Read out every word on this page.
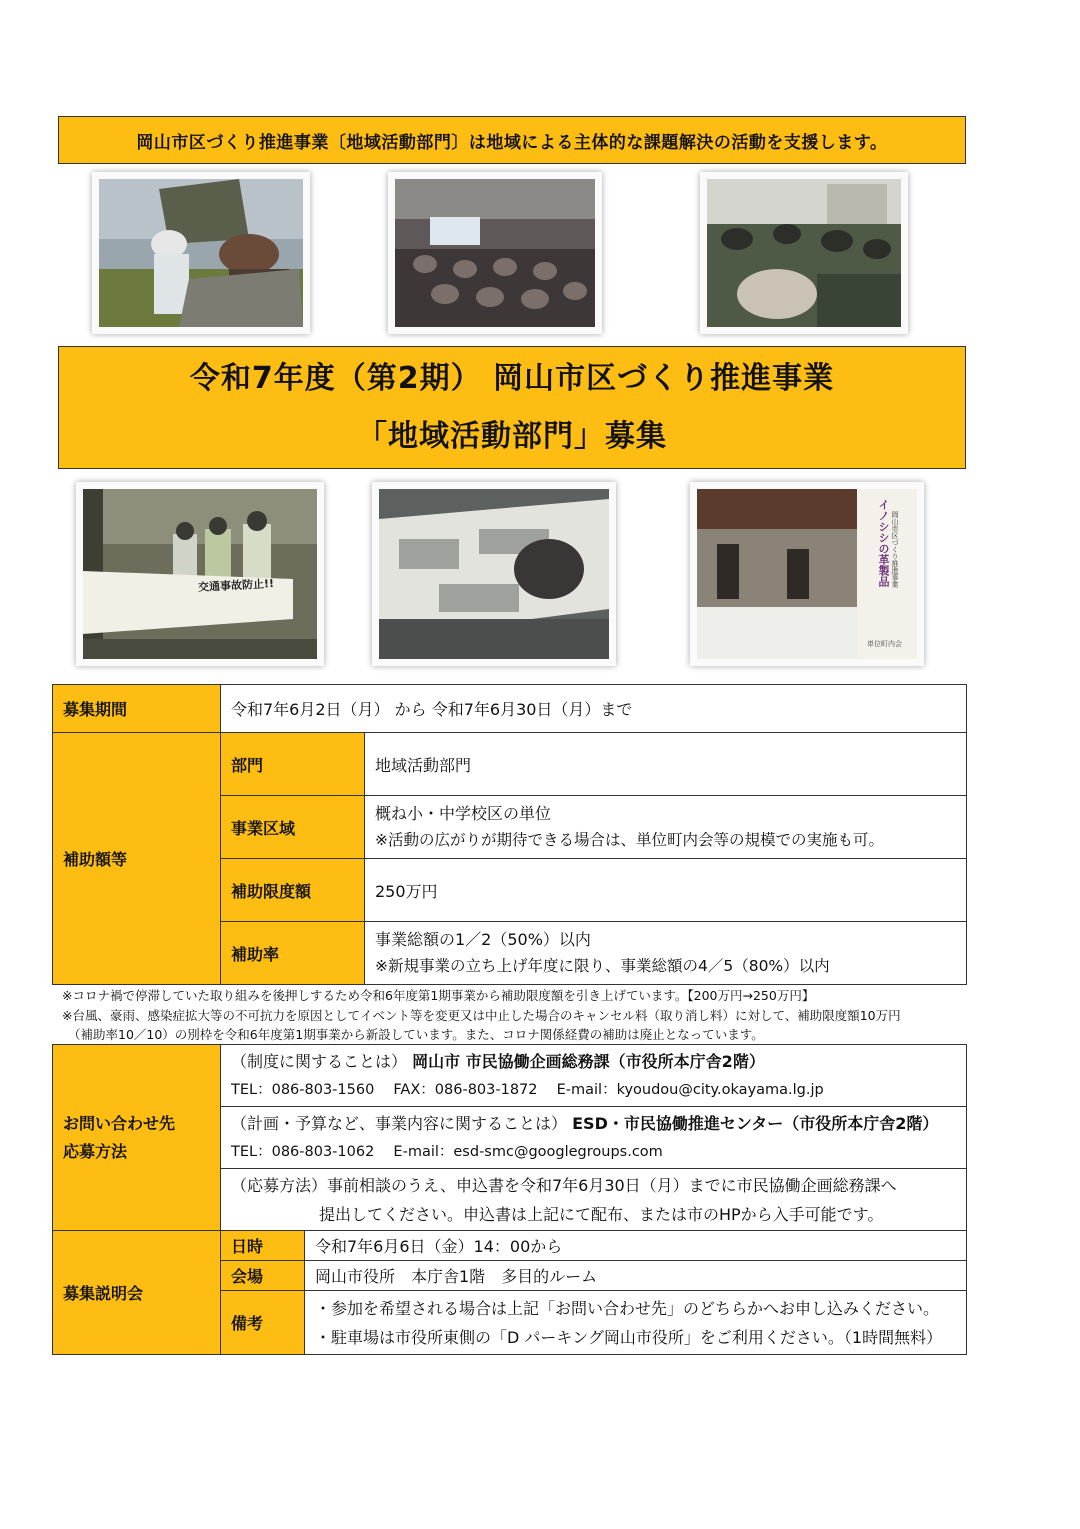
岡山市区づくり推進事業〔地域活動部門〕は地域による主体的な課題解決の活動を支援します。
令和7年度（第2期） 岡山市区づくり推進事業
「地域活動部門」募集
交通事故防止!!	イノシシの革製品 岡山市区づくり推進事業
単位町内会
募集期間	令和7年6月2日（月） から 令和7年6月30日（月）まで	
補助額等	部門	地域活動部門

	事業区域	概ね小・中学校区の単位
※活動の広がりが期待できる場合は、単位町内会等の規模での実施も可。

	補助限度額	250万円

	補助率	事業総額の1／2（50%）以内
※新規事業の立ち上げ年度に限り、事業総額の4／5（80%）以内
※コロナ禍で停滞していた取り組みを後押しするため令和6年度第1期事業から補助限度額を引き上げています。【200万円→250万円】
※台風、豪雨、感染症拡大等の不可抗力を原因としてイベント等を変更又は中止した場合のキャンセル料（取り消し料）に対して、補助限度額10万円
（補助率10／10）の別枠を令和6年度第1期事業から新設しています。また、コロナ関係経費の補助は廃止となっています。
お問い合わせ先
応募方法

（制度に関することは） 岡山市 市民協働企画総務課（市役所本庁舎2階）
TEL：086-803-1560　 FAX：086-803-1872　 E-mail：kyoudou@city.okayama.lg.jp

（計画・予算など、事業内容に関することは） ESD・市民協働推進センター（市役所本庁舎2階）
TEL：086-803-1062　 E-mail：esd-smc@googlegroups.com

（応募方法）事前相談のうえ、申込書を令和7年6月30日（月）までに市民協働企画総務課へ
提出してください。申込書は上記にて配布、または市のHPから入手可能です。
募集説明会	日時	令和7年6月6日（金）14：00から
	会場	岡山市役所　本庁舎1階　多目的ルーム
	備考	・参加を希望される場合は上記「お問い合わせ先」のどちらかへお申し込みください。
・駐車場は市役所東側の「D パーキング岡山市役所」をご利用ください。（1時間無料）
